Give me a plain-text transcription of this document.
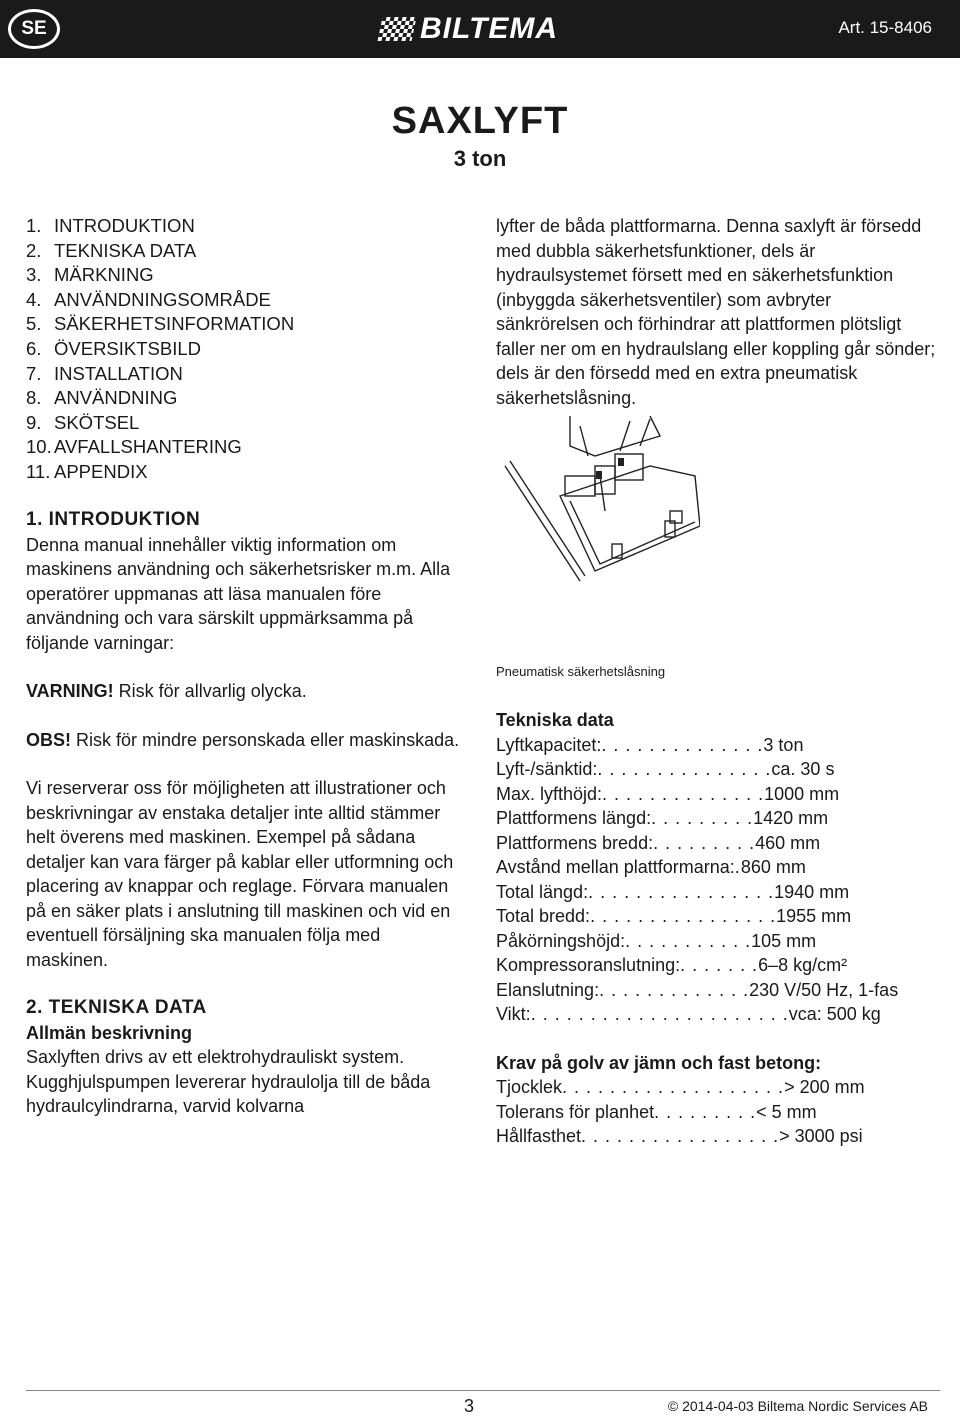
SE	BILTEMA	Art. 15-8406
SAXLYFT
3 ton
1. INTRODUKTION
2. TEKNISKA DATA
3. MÄRKNING
4. ANVÄNDNINGSOMRÅDE
5. SÄKERHETSINFORMATION
6. ÖVERSIKTSBILD
7. INSTALLATION
8. ANVÄNDNING
9. SKÖTSEL
10. AVFALLSHANTERING
11. APPENDIX

lyfter de båda plattformarna. Denna saxlyft är försedd med dubbla säkerhetsfunktioner, dels är hydraulsystemet försett med en säkerhetsfunktion (inbyggda säkerhetsventiler) som avbryter sänkrörelsen och förhindrar att plattformen plötsligt faller ner om en hydraulslang eller koppling går sönder; dels är den försedd med en extra pneumatisk säkerhetslåsning.

Pneumatisk säkerhetslåsning
1. INTRODUKTION

Denna manual innehåller viktig information om maskinens användning och säkerhetsrisker m.m. Alla operatörer uppmanas att läsa manualen före användning och vara särskilt uppmärksamma på följande varningar:

VARNING! Risk för allvarlig olycka.

OBS! Risk för mindre personskada eller maskinskada.

Vi reserverar oss för möjligheten att illustrationer och beskrivningar av enstaka detaljer inte alltid stämmer helt överens med maskinen. Exempel på sådana detaljer kan vara färger på kablar eller utformning och placering av knappar och reglage. Förvara manualen på en säker plats i anslutning till maskinen och vid en eventuell försäljning ska manualen följa med maskinen.

2. TEKNISKA DATA

Allmän beskrivning

Saxlyften drivs av ett elektrohydrauliskt system. Kugghjulspumpen levererar hydraulolja till de båda hydraulcylindrarna, varvid kolvarna

Tekniska data

Lyftkapacitet: . . . . . . . . . . . . . . 3 ton
Lyft-/sänktid: . . . . . . . . . . . . . . . ca. 30 s
Max. lyfthöjd: . . . . . . . . . . . . . . 1000 mm
Plattformens längd: . . . . . . . . . 1420 mm
Plattformens bredd: . . . . . . . . . 460 mm
Avstånd mellan plattformarna: . 860 mm
Total längd: . . . . . . . . . . . . . . . . 1940 mm
Total bredd: . . . . . . . . . . . . . . . . 1955 mm
Påkörningshöjd: . . . . . . . . . . . 105 mm
Kompressoranslutning: . . . . . . . 6–8 kg/cm²
Elanslutning: . . . . . . . . . . . . . 230 V/50 Hz, 1-fas
Vikt: . . . . . . . . . . . . . . . . . . . . . . vca: 500 kg

Krav på golv av jämn och fast betong:

Tjocklek . . . . . . . . . . . . . . . . . . . > 200 mm
Tolerans för planhet . . . . . . . . . < 5 mm
Hållfasthet . . . . . . . . . . . . . . . . . > 3000 psi
3	© 2014-04-03 Biltema Nordic Services AB
